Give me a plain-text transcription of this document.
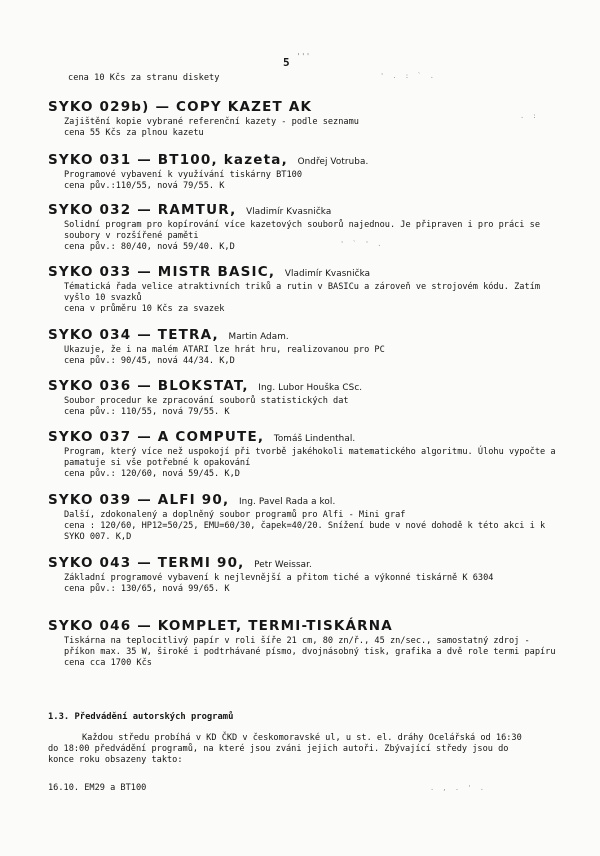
5 '''
cena 10 Kčs za stranu diskety
SYKO 029b) — COPY KAZET AK
Zajištění kopie vybrané referenční kazety - podle seznamu
cena 55 Kčs za plnou kazetu
SYKO 031 — BT100, kazeta, Ondřej Votruba.
Programové vybavení k využívání tiskárny BT100
cena pův.:110/55, nová 79/55. K
SYKO 032 — RAMTUR, Vladimír Kvasnička
Solidní program pro kopírování více kazetových souborů najednou. Je připraven i pro práci se soubory v rozšířené paměti
cena pův.: 80/40, nová 59/40. K,D
SYKO 033 — MISTR BASIC, Vladimír Kvasnička
Tématická řada velice atraktivních triků a rutin v BASICu a zároveň ve strojovém kódu. Zatím vyšlo 10 svazků
cena v průměru 10 Kčs za svazek
SYKO 034 — TETRA, Martin Adam.
Ukazuje, že i na malém ATARI lze hrát hru, realizovanou pro PC
cena pův.: 90/45, nová 44/34. K,D
SYKO 036 — BLOKSTAT, Ing. Lubor Houška CSc.
Soubor procedur ke zpracování souborů statistických dat
cena pův.: 110/55, nová 79/55. K
SYKO 037 — A COMPUTE, Tomáš Lindenthal.
Program, který více než uspokojí při tvorbě jakéhokoli matematického algoritmu. Úlohu vypočte a pamatuje si vše potřebné k opakování
cena pův.: 120/60, nová 59/45. K,D
SYKO 039 — ALFI 90, Ing. Pavel Rada a kol.
Další, zdokonalený a doplněný soubor programů pro Alfi - Mini graf
cena : 120/60, HP12=50/25, EMU=60/30, čapek=40/20. Snížení bude v nové dohodě k této akci i k SYKO 007. K,D
SYKO 043 — TERMI 90, Petr Weissar.
Základní programové vybavení k nejlevnější a přitom tiché a výkonné tiskárně K 6304
cena pův.: 130/65, nová 99/65. K
SYKO 046 — KOMPLET, TERMI-TISKÁRNA
Tiskárna na teplocitlivý papír v roli šíře 21 cm, 80 zn/ř., 45 zn/sec., samostatný zdroj - příkon max. 35 W, široké i podtrhávané písmo, dvojnásobný tisk, grafika a dvě role termi papíru
cena cca 1700 Kčs
1.3. Předvádění autorských programů
Každou středu probíhá v KD ČKD v českomoravské ul, u st. el. dráhy Ocelářská od 16:30 do 18:00 předvádění programů, na které jsou zváni jejich autoři. Zbývající středy jsou do konce roku obsazeny takto:
16.10. EM29 a BT100
' . : ` .
. :
' ` ' .
. , . ' .
